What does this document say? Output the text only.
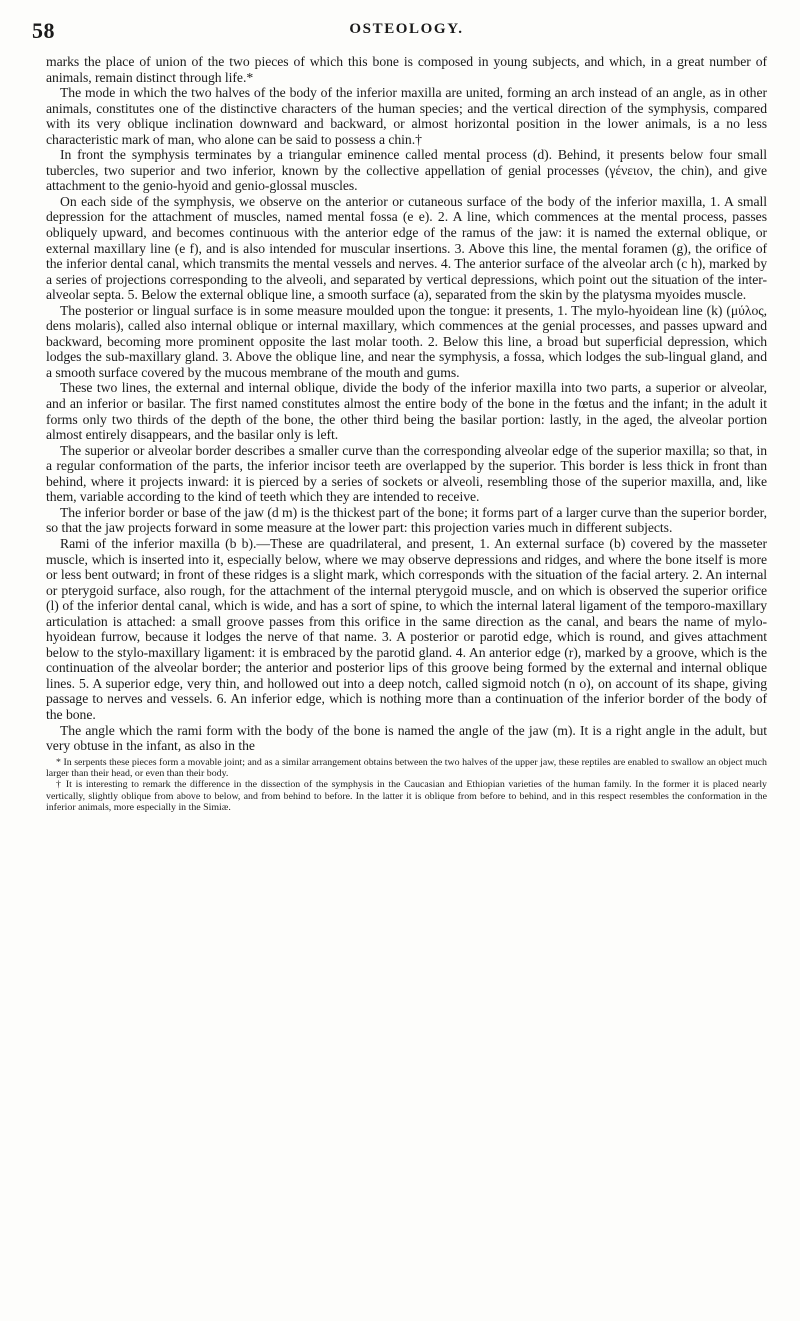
58	OSTEOLOGY.

marks the place of union of the two pieces of which this bone is composed in young subjects, and which, in a great number of animals, remain distinct through life.*

The mode in which the two halves of the body of the inferior maxilla are united, forming an arch instead of an angle, as in other animals, constitutes one of the distinctive characters of the human species; and the vertical direction of the symphysis, compared with its very oblique inclination downward and backward, or almost horizontal position in the lower animals, is a no less characteristic mark of man, who alone can be said to possess a chin.†

In front the symphysis terminates by a triangular eminence called mental process (d). Behind, it presents below four small tubercles, two superior and two inferior, known by the collective appellation of genial processes (γένειον, the chin), and give attachment to the genio-hyoid and genio-glossal muscles.

On each side of the symphysis, we observe on the anterior or cutaneous surface of the body of the inferior maxilla, 1. A small depression for the attachment of muscles, named mental fossa (e e). 2. A line, which commences at the mental process, passes obliquely upward, and becomes continuous with the anterior edge of the ramus of the jaw: it is named the external oblique, or external maxillary line (e f), and is also intended for muscular insertions. 3. Above this line, the mental foramen (g), the orifice of the inferior dental canal, which transmits the mental vessels and nerves. 4. The anterior surface of the alveolar arch (c h), marked by a series of projections corresponding to the alveoli, and separated by vertical depressions, which point out the situation of the inter-alveolar septa. 5. Below the external oblique line, a smooth surface (a), separated from the skin by the platysma myoides muscle.

The posterior or lingual surface is in some measure moulded upon the tongue: it presents, 1. The mylo-hyoidean line (k) (μύλος, dens molaris), called also internal oblique or internal maxillary, which commences at the genial processes, and passes upward and backward, becoming more prominent opposite the last molar tooth. 2. Below this line, a broad but superficial depression, which lodges the sub-maxillary gland. 3. Above the oblique line, and near the symphysis, a fossa, which lodges the sub-lingual gland, and a smooth surface covered by the mucous membrane of the mouth and gums.

These two lines, the external and internal oblique, divide the body of the inferior maxilla into two parts, a superior or alveolar, and an inferior or basilar. The first named constitutes almost the entire body of the bone in the fœtus and the infant; in the adult it forms only two thirds of the depth of the bone, the other third being the basilar portion: lastly, in the aged, the alveolar portion almost entirely disappears, and the basilar only is left.

The superior or alveolar border describes a smaller curve than the corresponding alveolar edge of the superior maxilla; so that, in a regular conformation of the parts, the inferior incisor teeth are overlapped by the superior. This border is less thick in front than behind, where it projects inward: it is pierced by a series of sockets or alveoli, resembling those of the superior maxilla, and, like them, variable according to the kind of teeth which they are intended to receive.

The inferior border or base of the jaw (d m) is the thickest part of the bone; it forms part of a larger curve than the superior border, so that the jaw projects forward in some measure at the lower part: this projection varies much in different subjects.

Rami of the inferior maxilla (b b).—These are quadrilateral, and present, 1. An external surface (b) covered by the masseter muscle, which is inserted into it, especially below, where we may observe depressions and ridges, and where the bone itself is more or less bent outward; in front of these ridges is a slight mark, which corresponds with the situation of the facial artery. 2. An internal or pterygoid surface, also rough, for the attachment of the internal pterygoid muscle, and on which is observed the superior orifice (l) of the inferior dental canal, which is wide, and has a sort of spine, to which the internal lateral ligament of the temporo-maxillary articulation is attached: a small groove passes from this orifice in the same direction as the canal, and bears the name of mylo-hyoidean furrow, because it lodges the nerve of that name. 3. A posterior or parotid edge, which is round, and gives attachment below to the stylo-maxillary ligament: it is embraced by the parotid gland. 4. An anterior edge (r), marked by a groove, which is the continuation of the alveolar border; the anterior and posterior lips of this groove being formed by the external and internal oblique lines. 5. A superior edge, very thin, and hollowed out into a deep notch, called sigmoid notch (n o), on account of its shape, giving passage to nerves and vessels. 6. An inferior edge, which is nothing more than a continuation of the inferior border of the body of the bone.

The angle which the rami form with the body of the bone is named the angle of the jaw (m). It is a right angle in the adult, but very obtuse in the infant, as also in the

* In serpents these pieces form a movable joint; and as a similar arrangement obtains between the two halves of the upper jaw, these reptiles are enabled to swallow an object much larger than their head, or even than their body.

† It is interesting to remark the difference in the dissection of the symphysis in the Caucasian and Ethiopian varieties of the human family. In the former it is placed nearly vertically, slightly oblique from above to below, and from behind to before. In the latter it is oblique from before to behind, and in this respect resembles the conformation in the inferior animals, more especially in the Simiæ.
